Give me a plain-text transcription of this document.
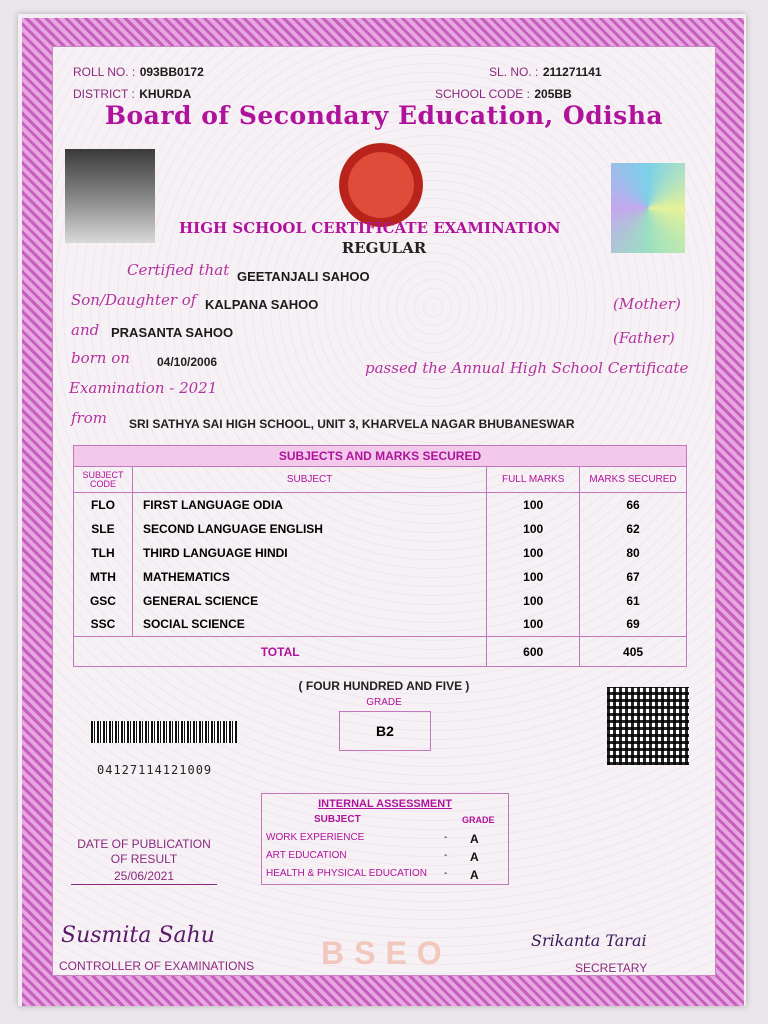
ROLL NO. : 093BB0172	SL. NO. : 211271141
DISTRICT : KHURDA	SCHOOL CODE : 205BB
Board of Secondary Education, Odisha
HIGH SCHOOL CERTIFICATE EXAMINATION
REGULAR
Certified that GEETANJALI SAHOO
Son/Daughter of KALPANA SAHOO	(Mother)
and PRASANTA SAHOO	(Father)
born on 04/10/2006	passed the Annual High School Certificate
Examination - 2021
from SRI SATHYA SAI HIGH SCHOOL, UNIT 3, KHARVELA NAGAR BHUBANESWAR
SUBJECTS AND MARKS SECURED			
SUBJECT CODE	SUBJECT	FULL MARKS	MARKS SECURED
FLO	FIRST LANGUAGE ODIA	100	66
SLE	SECOND LANGUAGE ENGLISH	100	62
TLH	THIRD LANGUAGE HINDI	100	80
MTH	MATHEMATICS	100	67
GSC	GENERAL SCIENCE	100	61
SSC	SOCIAL SCIENCE	100	69
TOTAL		600	405
( FOUR HUNDRED AND FIVE )
GRADE
B2
04127114121009
INTERNAL ASSESSMENT
SUBJECT	GRADE
WORK EXPERIENCE	- A
ART EDUCATION	- A
HEALTH & PHYSICAL EDUCATION - A
DATE OF PUBLICATION
OF RESULT
25/06/2021
Susmita Sahu
CONTROLLER OF EXAMINATIONS BSEO	Srikanta Tarai
SECRETARY
